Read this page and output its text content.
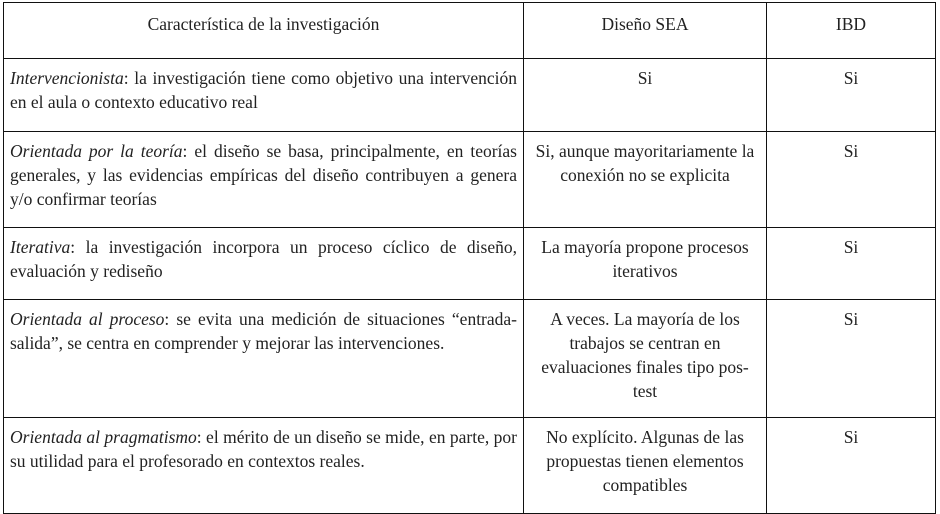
Característica de la investigación	Diseño SEA	IBD
Intervencionista: la investigación tiene como objetivo una intervención en el aula o contexto educativo real	Si	Si
Orientada por la teoría: el diseño se basa, principalmente, en teorías generales, y las evidencias empíricas del diseño contribuyen a genera y/o confirmar teorías	Si, aunque mayoritariamente la conexión no se explicita	Si
Iterativa: la investigación incorpora un proceso cíclico de diseño, evaluación y rediseño	La mayoría propone procesos iterativos	Si
Orientada al proceso: se evita una medición de situaciones “entrada-salida”, se centra en comprender y mejorar las intervenciones.	A veces. La mayoría de los trabajos se centran en evaluaciones finales tipo pos-test	Si
Orientada al pragmatismo: el mérito de un diseño se mide, en parte, por su utilidad para el profesorado en contextos reales.	No explícito. Algunas de las propuestas tienen elementos compatibles	Si
